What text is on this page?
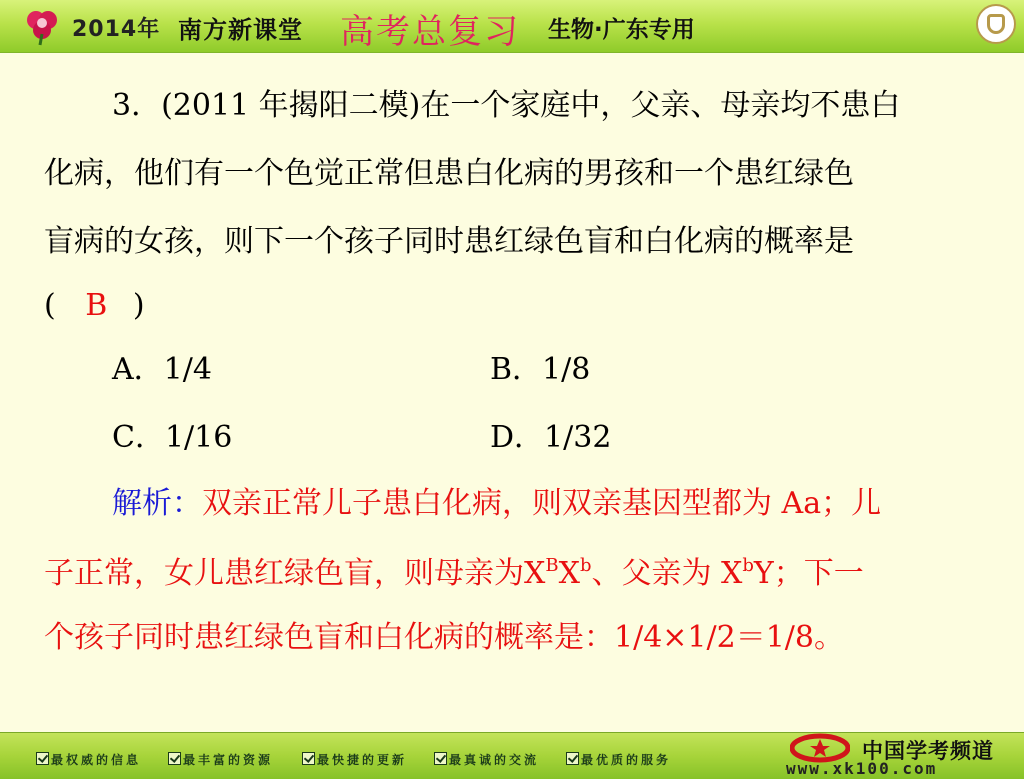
2014年 南方新课堂 高考总复习 生物·广东专用
3．(2011 年揭阳二模)在一个家庭中，父亲、母亲均不患白
化病，他们有一个色觉正常但患白化病的男孩和一个患红绿色
盲病的女孩，则下一个孩子同时患红绿色盲和白化病的概率是
( B )
A．1/4	B．1/8
C．1/16	D．1/32
解析：双亲正常儿子患白化病，则双亲基因型都为 Aa；儿
子正常，女儿患红绿色盲，则母亲为$X^BX^b$、父亲为 $X^bY$；下一
个孩子同时患红绿色盲和白化病的概率是：1/4×1/2＝1/8。
最权威的信息	最丰富的资源	最快捷的更新	最真诚的交流	最优质的服务	中国学考频道
www.xk100.com
